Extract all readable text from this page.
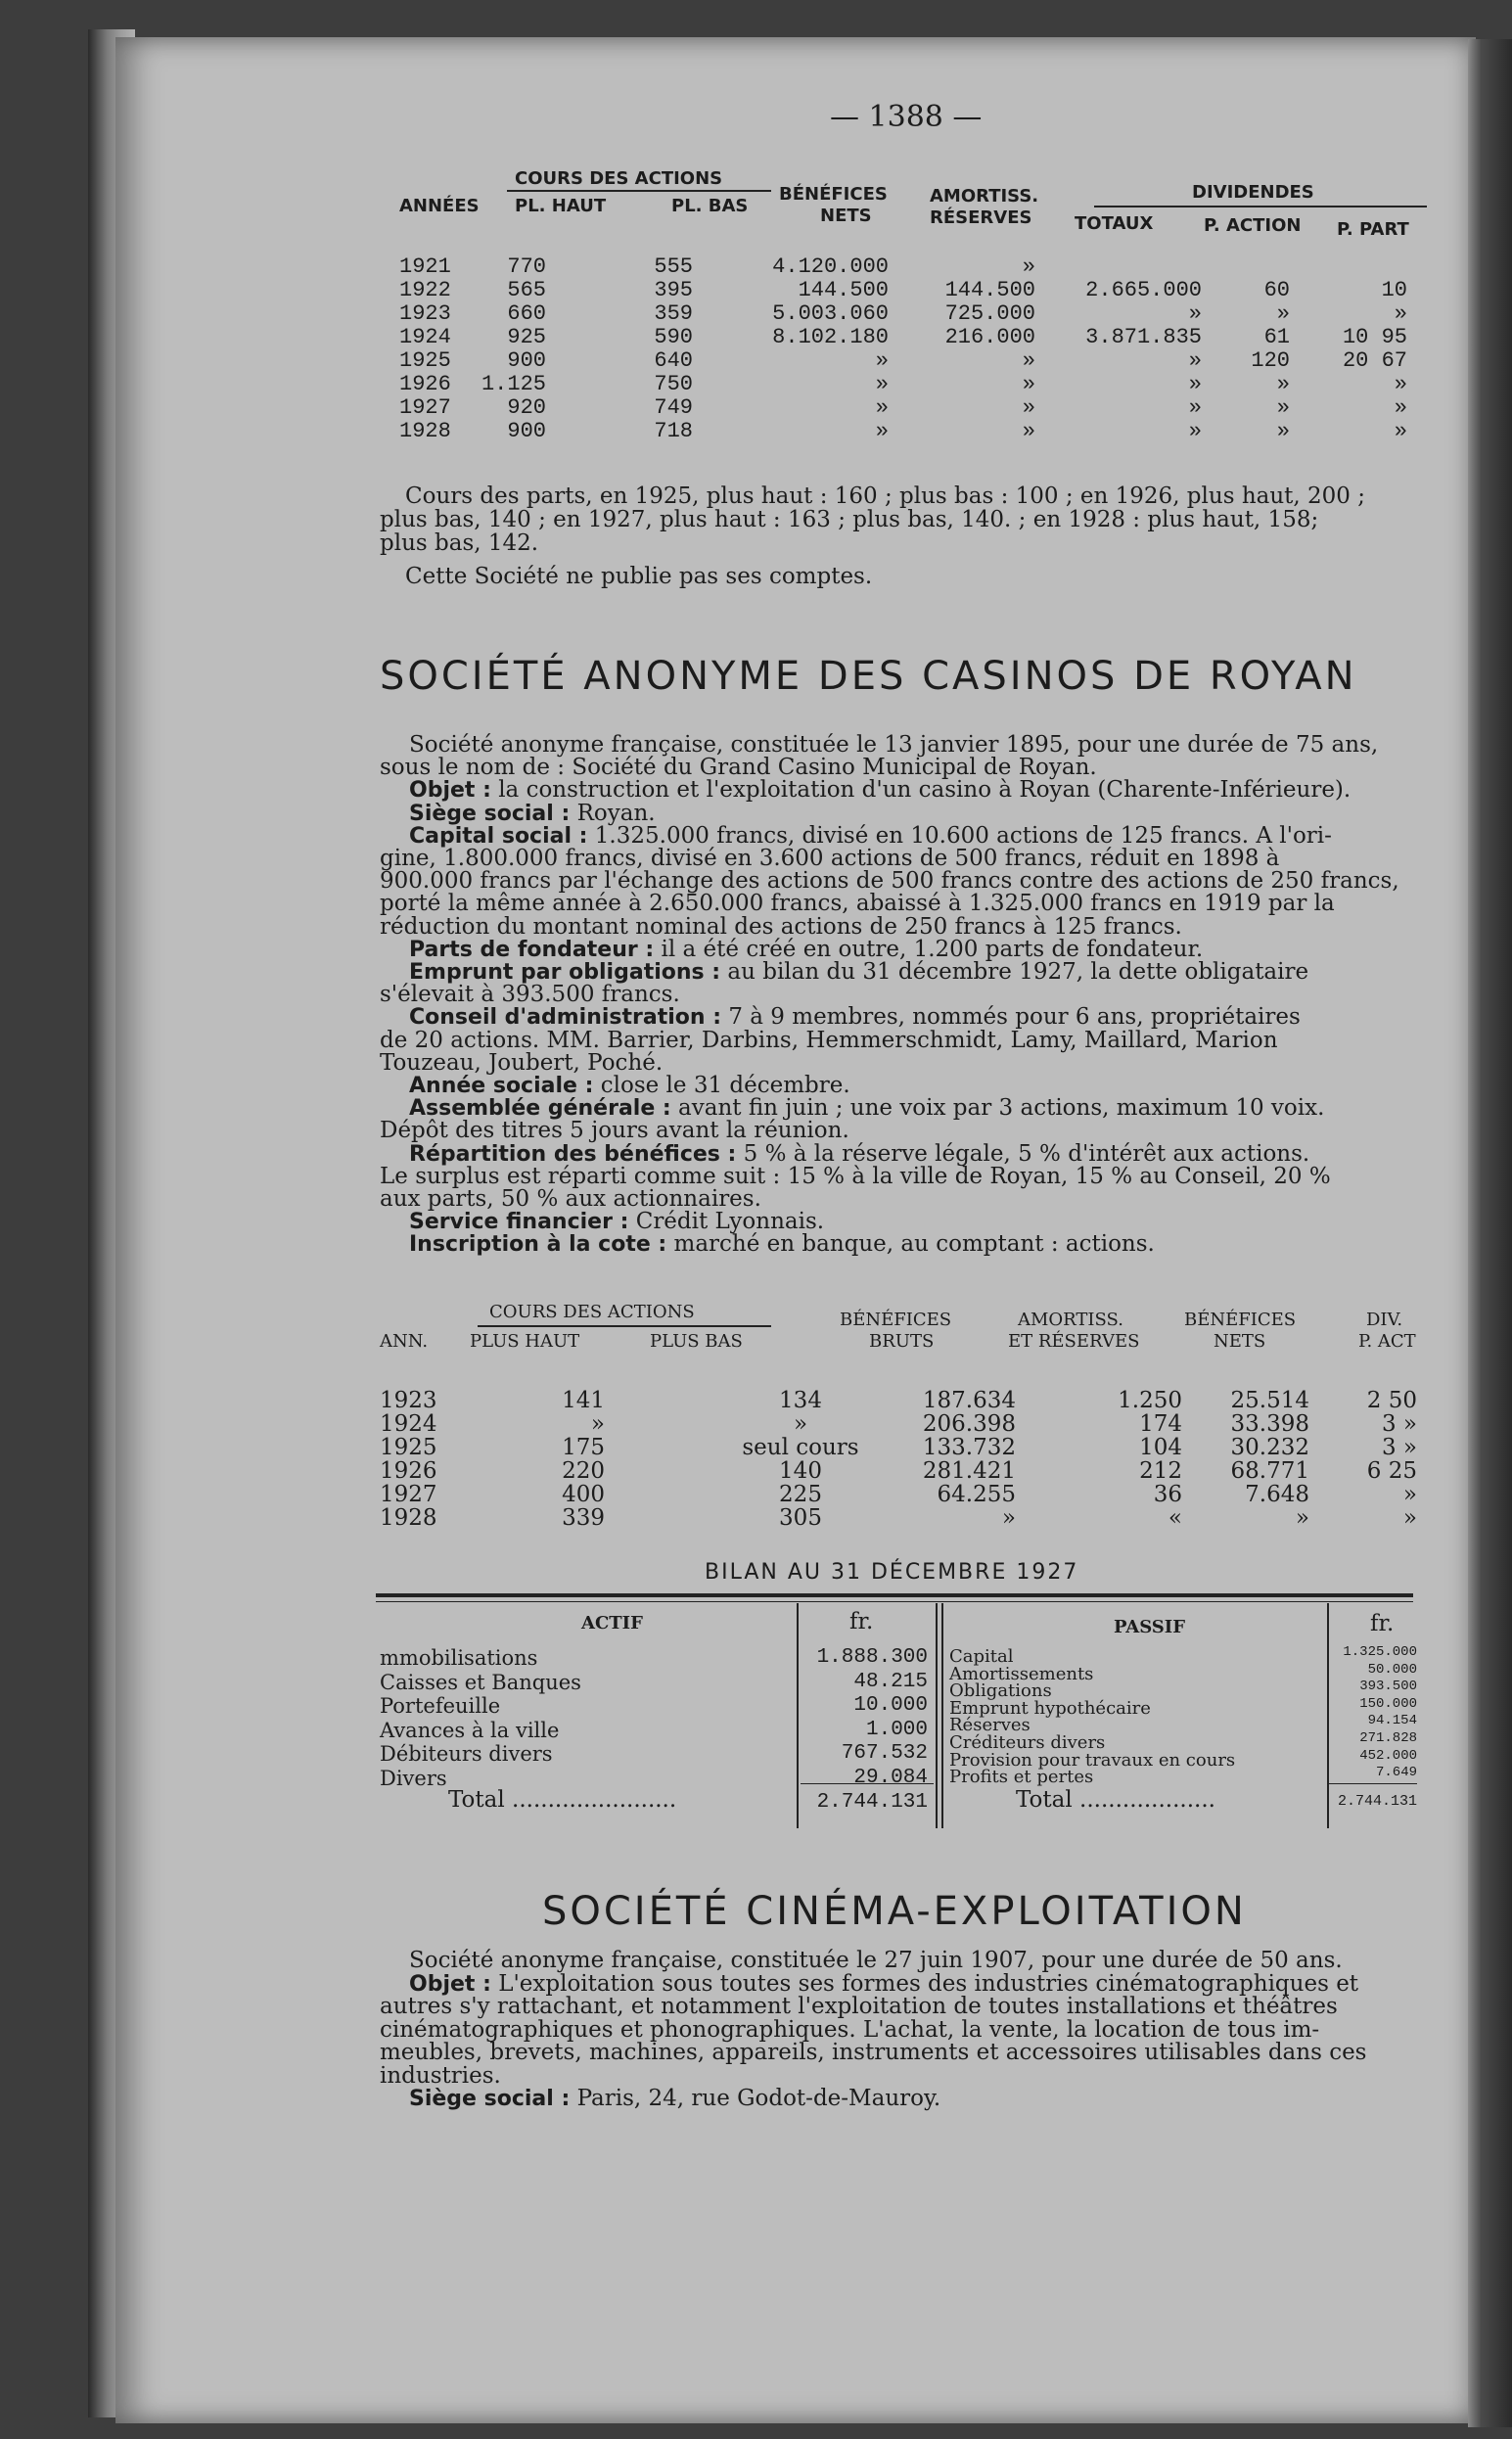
— 1388 —
COURS DES ACTIONS
ANNÉES PL. HAUT	PL. BAS
BÉNÉFICES
NETS
AMORTISS.
RÉSERVES
DIVIDENDES
TOTAUX	P. ACTION P. PART
1921	770	555	4.120.000	»
1922	565	395	144.500	144.500	2.665.000	60	10
1923	660	359	5.003.060	725.000	»	»	»
1924	925	590	8.102.180	216.000	3.871.835	61	10 95
1925	900	640	»	»	»	120	20 67
1926	1.125	750	»	»	»	»	»
1927	920	749	»	»	»	»	»
1928	900	718	»	»	»	»	»
Cours des parts, en 1925, plus haut : 160 ; plus bas : 100 ; en 1926, plus haut, 200 ;
plus bas, 140 ; en 1927, plus haut : 163 ; plus bas, 140. ; en 1928 : plus haut, 158;
plus bas, 142.
Cette Société ne publie pas ses comptes.
SOCIÉTÉ ANONYME DES CASINOS DE ROYAN
Société anonyme française, constituée le 13 janvier 1895, pour une durée de 75 ans,
sous le nom de : Société du Grand Casino Municipal de Royan.
Objet : la construction et l'exploitation d'un casino à Royan (Charente-Inférieure).
Siège social : Royan.
Capital social : 1.325.000 francs, divisé en 10.600 actions de 125 francs. A l'ori-
gine, 1.800.000 francs, divisé en 3.600 actions de 500 francs, réduit en 1898 à
900.000 francs par l'échange des actions de 500 francs contre des actions de 250 francs,
porté la même année à 2.650.000 francs, abaissé à 1.325.000 francs en 1919 par la
réduction du montant nominal des actions de 250 francs à 125 francs.
Parts de fondateur : il a été créé en outre, 1.200 parts de fondateur.
Emprunt par obligations : au bilan du 31 décembre 1927, la dette obligataire
s'élevait à 393.500 francs.
Conseil d'administration : 7 à 9 membres, nommés pour 6 ans, propriétaires
de 20 actions. MM. Barrier, Darbins, Hemmerschmidt, Lamy, Maillard, Marion
Touzeau, Joubert, Poché.
Année sociale : close le 31 décembre.
Assemblée générale : avant fin juin ; une voix par 3 actions, maximum 10 voix.
Dépôt des titres 5 jours avant la réunion.
Répartition des bénéfices : 5 % à la réserve légale, 5 % d'intérêt aux actions.
Le surplus est réparti comme suit : 15 % à la ville de Royan, 15 % au Conseil, 20 %
aux parts, 50 % aux actionnaires.
Service financier : Crédit Lyonnais.
Inscription à la cote : marché en banque, au comptant : actions.
COURS DES ACTIONS
ANN. PLUS HAUT	PLUS BAS
BÉNÉFICES
BRUTS
AMORTISS.
ET RÉSERVES
BÉNÉFICES
NETS
DIV.
P. ACT
1923	141	134	187.634	1.250	25.514	2 50
1924	»	»	206.398	174	33.398	3 »
1925	175	seul cours	133.732	104	30.232	3 »
1926	220	140	281.421	212	68.771	6 25
1927	400	225	64.255	36	7.648	»
1928	339	305	»	«	»	»
BILAN AU 31 DÉCEMBRE 1927
ACTIF	fr.	PASSIF	fr.
mmobilisations	1.888.300
Caisses et Banques	48.215
Portefeuille	10.000
Avances à la ville	1.000
Débiteurs divers	767.532
Divers	29.084
Capital	1.325.000
Amortissements	50.000
Obligations	393.500
Emprunt hypothécaire	150.000
Réserves	94.154
Créditeurs divers	271.828
Provision pour travaux en cours	452.000
Profits et pertes	7.649
Total .......................	2.744.131	Total ...................	2.744.131
SOCIÉTÉ CINÉMA-EXPLOITATION
Société anonyme française, constituée le 27 juin 1907, pour une durée de 50 ans.
Objet : L'exploitation sous toutes ses formes des industries cinématographiques et
autres s'y rattachant, et notamment l'exploitation de toutes installations et théâtres
cinématographiques et phonographiques. L'achat, la vente, la location de tous im-
meubles, brevets, machines, appareils, instruments et accessoires utilisables dans ces
industries.
Siège social : Paris, 24, rue Godot-de-Mauroy.
